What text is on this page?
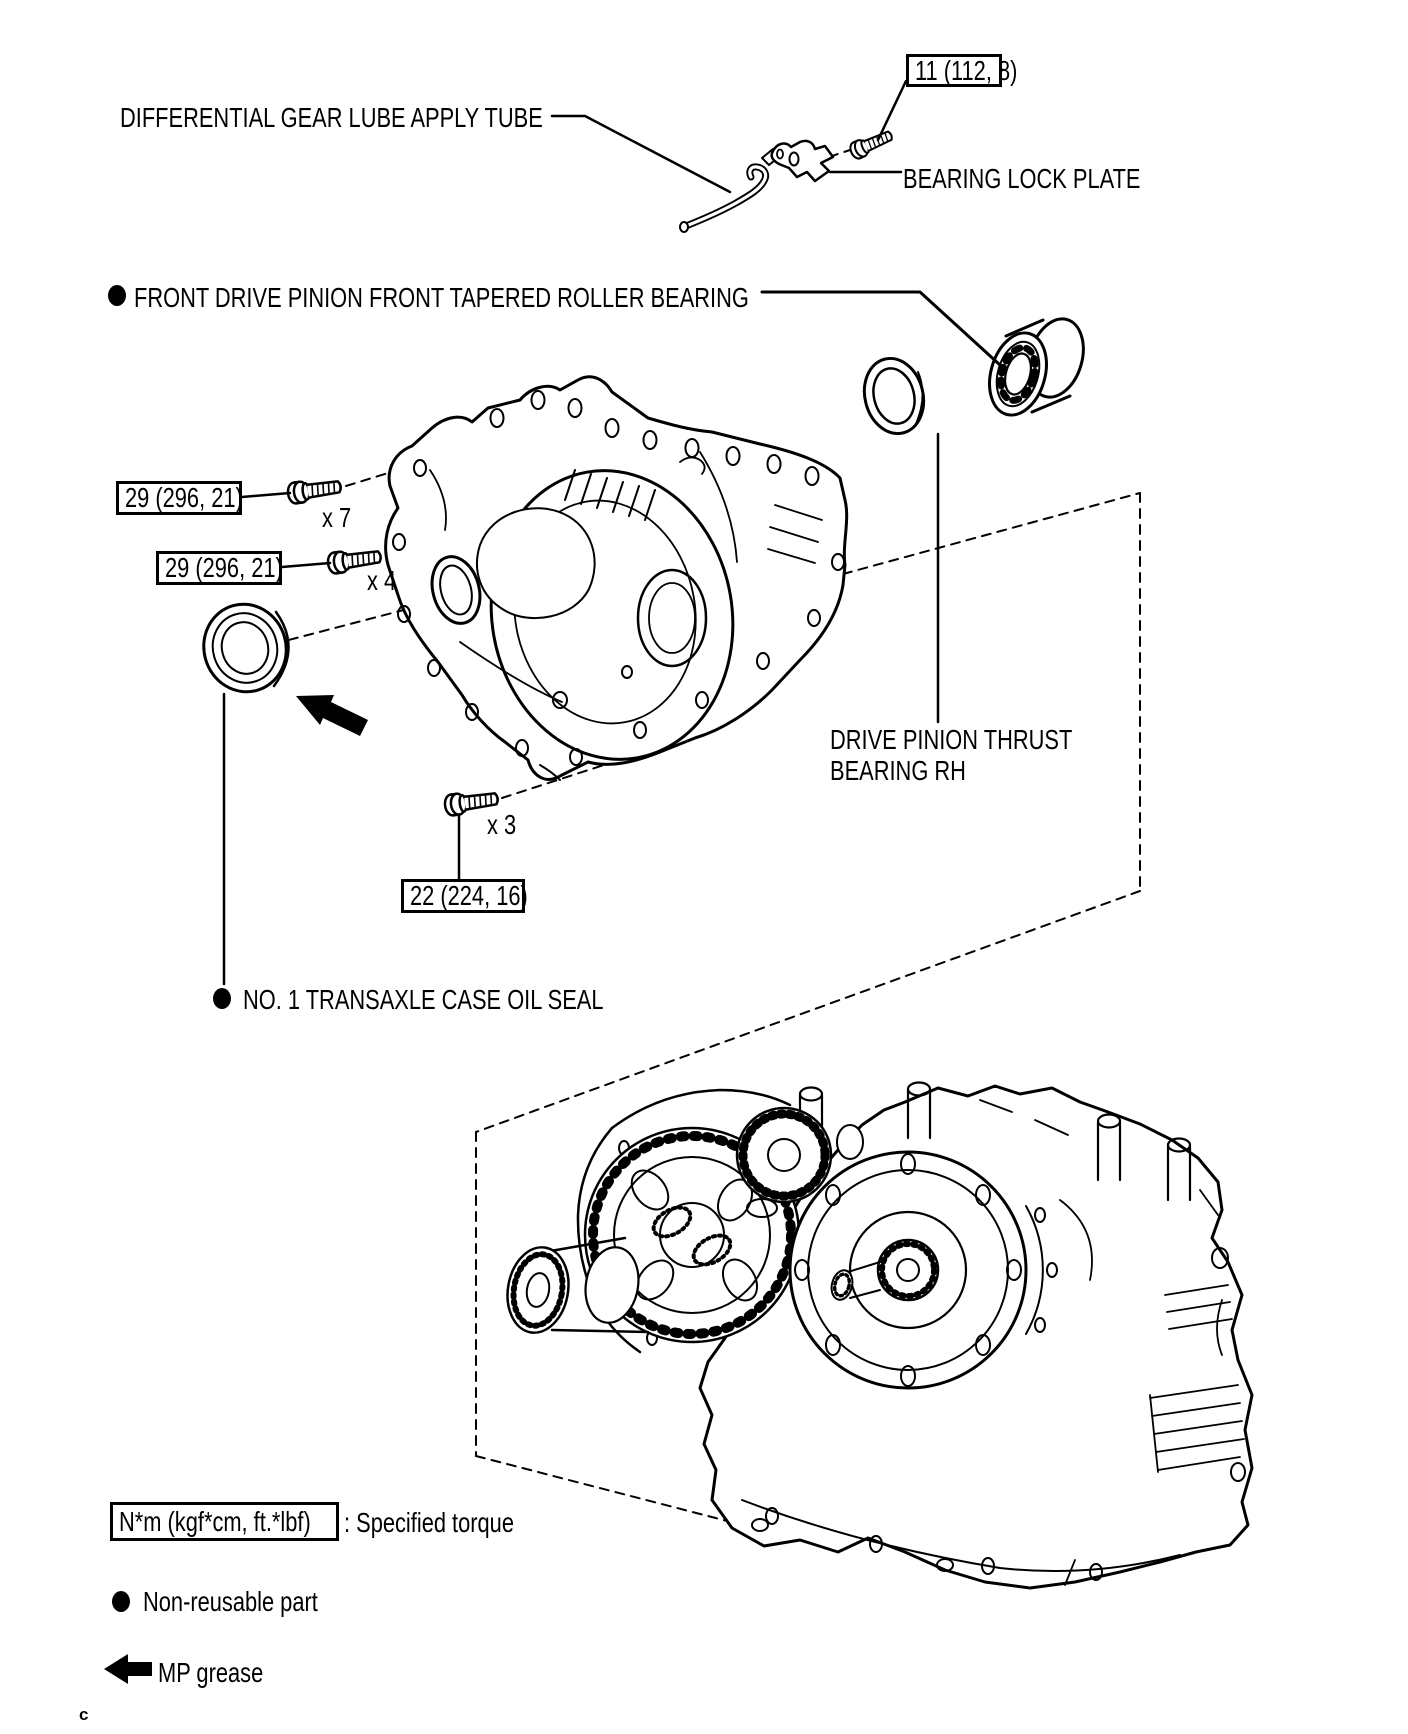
DIFFERENTIAL GEAR LUBE APPLY TUBE
11 (112, 8)
BEARING LOCK PLATE
FRONT DRIVE PINION FRONT TAPERED ROLLER BEARING
29 (296, 21)
x 7
29 (296, 21)	x 4
DRIVE PINION THRUST
BEARING RH
x 3
22 (224, 16)
NO. 1 TRANSAXLE CASE OIL SEAL
N*m (kgf*cm, ft.*lbf) : Specified torque
Non-reusable part
MP grease
c
